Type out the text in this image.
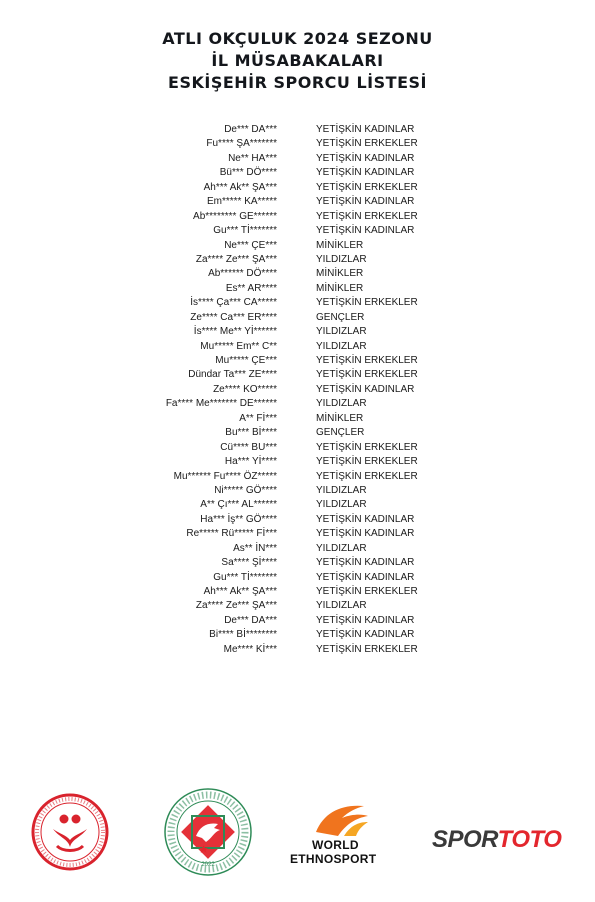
ATLI OKÇULUK 2024 SEZONU
İL MÜSABAKALARI
ESKİŞEHİR SPORCU LİSTESİ
De*** DA***	YETİŞKİN KADINLAR
Fu**** ŞA*******	YETİŞKİN ERKEKLER
Ne** HA***	YETİŞKİN KADINLAR
Bü*** DÖ****	YETİŞKİN KADINLAR
Ah*** Ak** ŞA***	YETİŞKİN ERKEKLER
Em***** KA*****	YETİŞKİN KADINLAR
Ab******** GE******	YETİŞKİN ERKEKLER
Gu*** Tİ*******	YETİŞKİN KADINLAR
Ne*** ÇE***	MİNİKLER
Za**** Ze*** ŞA***	YILDIZLAR
Ab****** DÖ****	MİNİKLER
Es** AR****	MİNİKLER
İs**** Ça*** CA*****	YETİŞKİN ERKEKLER
Ze**** Ca*** ER****	GENÇLER
İs**** Me** Yİ******	YILDIZLAR
Mu***** Em** C**	YILDIZLAR
Mu***** ÇE***	YETİŞKİN ERKEKLER
Dündar Ta*** ZE****	YETİŞKİN ERKEKLER
Ze**** KO*****	YETİŞKİN KADINLAR
Fa**** Me******* DE******	YILDIZLAR
A** Fİ***	MİNİKLER
Bu*** Bİ****	GENÇLER
Cü**** BU***	YETİŞKİN ERKEKLER
Ha*** Yİ****	YETİŞKİN ERKEKLER
Mu****** Fu**** ÖZ*****	YETİŞKİN ERKEKLER
Ni***** GÖ****	YILDIZLAR
A** Çı*** AL******	YILDIZLAR
Ha*** İş** GÖ****	YETİŞKİN KADINLAR
Re***** Rü***** Fİ***	YETİŞKİN KADINLAR
As** İN***	YILDIZLAR
Sa**** Şİ****	YETİŞKİN KADINLAR
Gu*** Tİ*******	YETİŞKİN KADINLAR
Ah*** Ak** ŞA***	YETİŞKİN ERKEKLER
Za**** Ze*** ŞA***	YILDIZLAR
De*** DA***	YETİŞKİN KADINLAR
Bi**** Bİ********	YETİŞKİN KADINLAR
Me**** Kİ***	YETİŞKİN ERKEKLER
2022
WORLD
ETHNOSPORT
SPORTOTO
